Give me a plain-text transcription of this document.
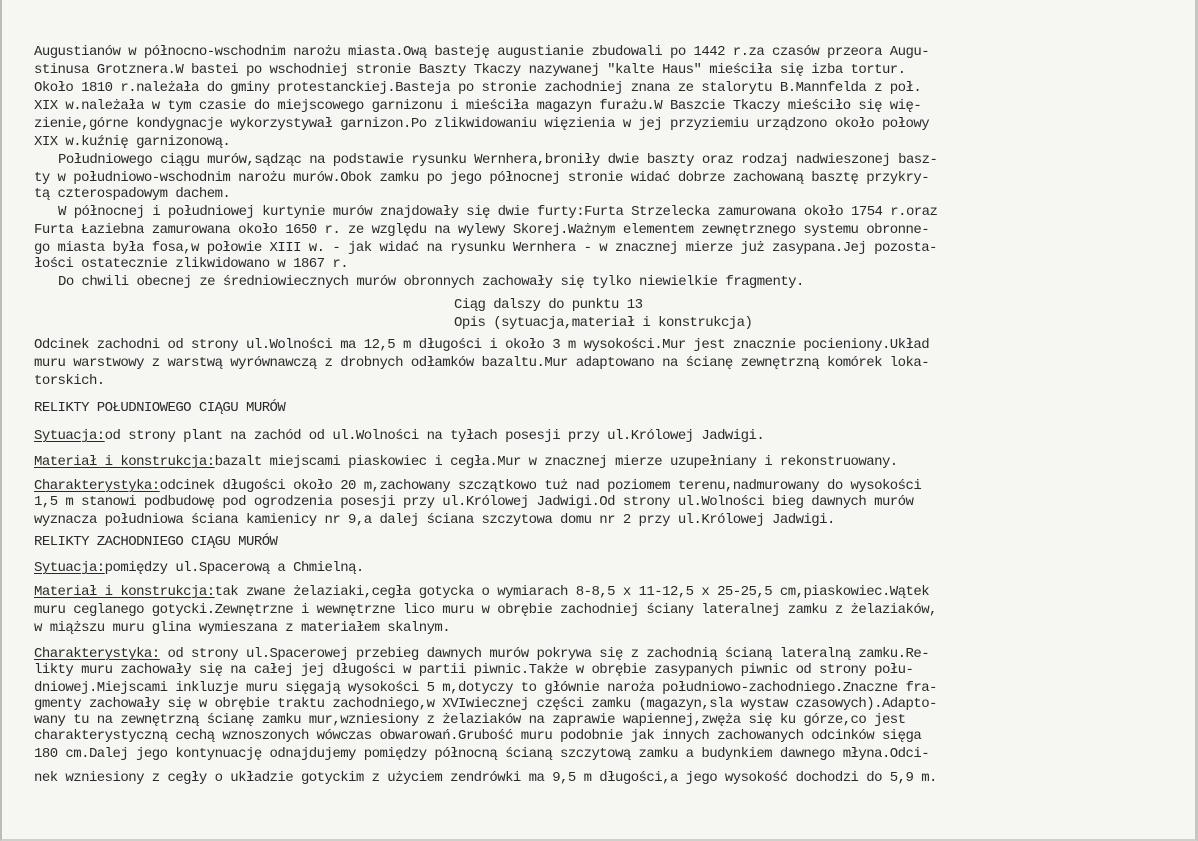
Augustianów w północno-wschodnim narożu miasta.Ową basteję augustianie zbudowali po 1442 r.za czasów przeora Augu-
stinusa Grotznera.W bastei po wschodniej stronie Baszty Tkaczy nazywanej "kalte Haus" mieściła się izba tortur.
Około 1810 r.należała do gminy protestanckiej.Basteja po stronie zachodniej znana ze stalorytu B.Mannfelda z poł.
XIX w.należała w tym czasie do miejscowego garnizonu i mieściła magazyn furażu.W Baszcie Tkaczy mieściło się wię-
zienie,górne kondygnacje wykorzystywał garnizon.Po zlikwidowaniu więzienia w jej przyziemiu urządzono około połowy
XIX w.kuźnię garnizonową.
Południowego ciągu murów,sądząc na podstawie rysunku Wernhera,broniły dwie baszty oraz rodzaj nadwieszonej basz-
ty w południowo-wschodnim narożu murów.Obok zamku po jego północnej stronie widać dobrze zachowaną basztę przykry-
tą czterospadowym dachem.
W północnej i południowej kurtynie murów znajdowały się dwie furty:Furta Strzelecka zamurowana około 1754 r.oraz
Furta Łaziebna zamurowana około 1650 r. ze względu na wylewy Skorej.Ważnym elementem zewnętrznego systemu obronne-
go miasta była fosa,w połowie XIII w. - jak widać na rysunku Wernhera - w znacznej mierze już zasypana.Jej pozosta-
łości ostatecznie zlikwidowano w 1867 r.
Do chwili obecnej ze średniowiecznych murów obronnych zachowały się tylko niewielkie fragmenty.
Ciąg dalszy do punktu 13
Opis (sytuacja,materiał i konstrukcja)
Odcinek zachodni od strony ul.Wolności ma 12,5 m długości i około 3 m wysokości.Mur jest znacznie pocieniony.Układ
muru warstwowy z warstwą wyrównawczą z drobnych odłamków bazaltu.Mur adaptowano na ścianę zewnętrzną komórek loka-
torskich.
RELIKTY POŁUDNIOWEGO CIĄGU MURÓW
Sytuacja:od strony plant na zachód od ul.Wolności na tyłach posesji przy ul.Królowej Jadwigi.
Materiał i konstrukcja:bazalt miejscami piaskowiec i cegła.Mur w znacznej mierze uzupełniany i rekonstruowany.
Charakterystyka:odcinek długości około 20 m,zachowany szczątkowo tuż nad poziomem terenu,nadmurowany do wysokości
1,5 m stanowi podbudowę pod ogrodzenia posesji przy ul.Królowej Jadwigi.Od strony ul.Wolności bieg dawnych murów
wyznacza południowa ściana kamienicy nr 9,a dalej ściana szczytowa domu nr 2 przy ul.Królowej Jadwigi.
RELIKTY ZACHODNIEGO CIĄGU MURÓW
Sytuacja:pomiędzy ul.Spacerową a Chmielną.
Materiał i konstrukcja:tak zwane żelaziaki,cegła gotycka o wymiarach 8-8,5 x 11-12,5 x 25-25,5 cm,piaskowiec.Wątek
muru ceglanego gotycki.Zewnętrzne i wewnętrzne lico muru w obrębie zachodniej ściany lateralnej zamku z żelaziaków,
w miąższu muru glina wymieszana z materiałem skalnym.
Charakterystyka: od strony ul.Spacerowej przebieg dawnych murów pokrywa się z zachodnią ścianą lateralną zamku.Re-
likty muru zachowały się na całej jej długości w partii piwnic.Także w obrębie zasypanych piwnic od strony połu-
dniowej.Miejscami inkluzje muru sięgają wysokości 5 m,dotyczy to głównie naroża południowo-zachodniego.Znaczne fra-
gmenty zachowały się w obrębie traktu zachodniego,w XVIwiecznej części zamku (magazyn,sla wystaw czasowych).Adapto-
wany tu na zewnętrzną ścianę zamku mur,wzniesiony z żelaziaków na zaprawie wapiennej,zwęża się ku górze,co jest
charakterystyczną cechą wznoszonych wówczas obwarowań.Grubość muru podobnie jak innych zachowanych odcinków sięga
180 cm.Dalej jego kontynuację odnajdujemy pomiędzy północną ścianą szczytową zamku a budynkiem dawnego młyna.Odci-
nek wzniesiony z cegły o układzie gotyckim z użyciem zendrówki ma 9,5 m długości,a jego wysokość dochodzi do 5,9 m.
